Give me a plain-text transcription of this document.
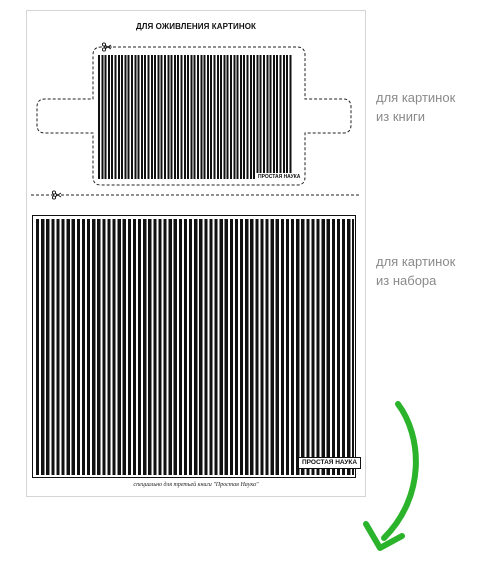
ДЛЯ ОЖИВЛЕНИЯ КАРТИНОК
ПРОСТАЯ НАУКА
ПРОСТАЯ НАУКА
специально для третьей книги "Простая Наука"
для картинок
из книги
для картинок
из набора
